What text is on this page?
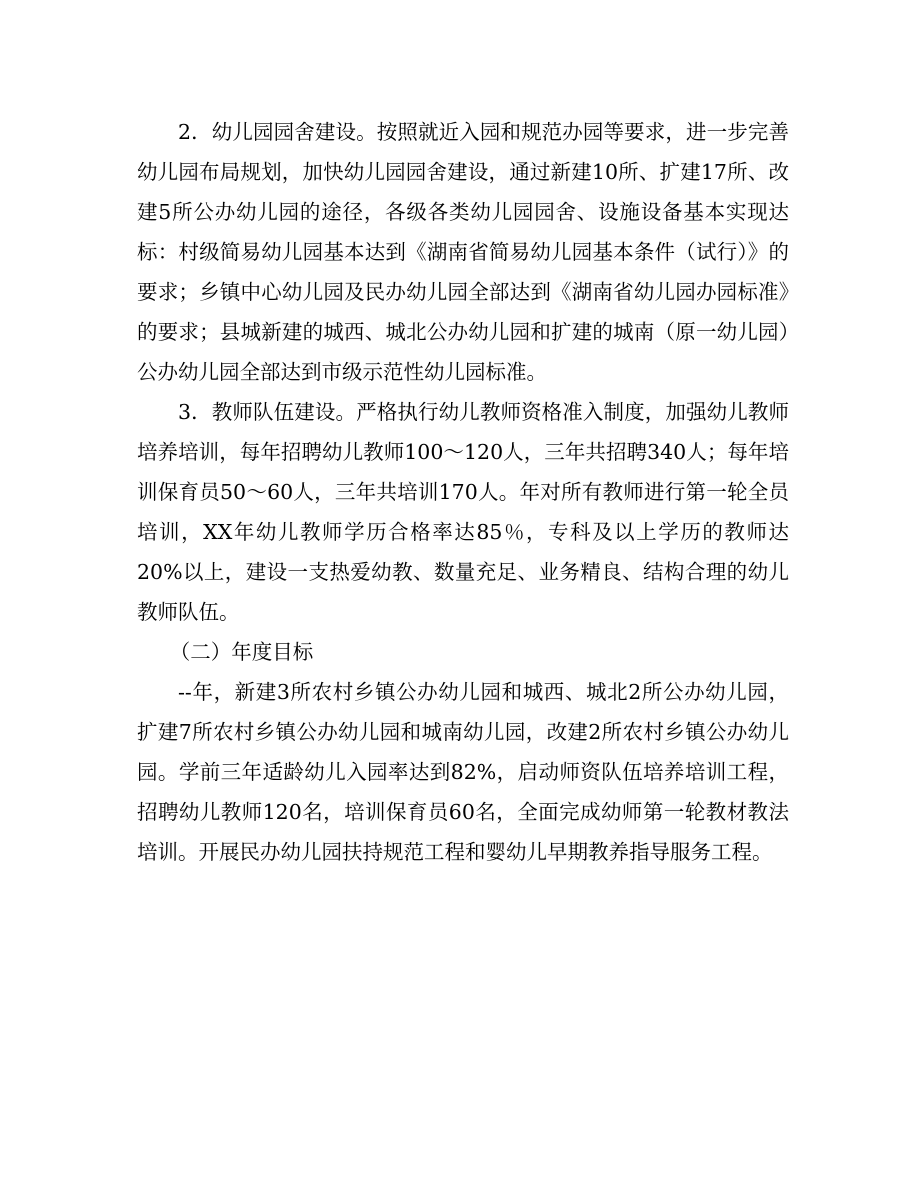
2．幼儿园园舍建设。按照就近入园和规范办园等要求，进一步完善幼儿园布局规划，加快幼儿园园舍建设，通过新建10所、扩建17所、改建5所公办幼儿园的途径，各级各类幼儿园园舍、设施设备基本实现达标：村级简易幼儿园基本达到《湖南省简易幼儿园基本条件（试行）》的要求；乡镇中心幼儿园及民办幼儿园全部达到《湖南省幼儿园办园标准》的要求；县城新建的城西、城北公办幼儿园和扩建的城南（原一幼儿园）公办幼儿园全部达到市级示范性幼儿园标准。

3．教师队伍建设。严格执行幼儿教师资格准入制度，加强幼儿教师培养培训，每年招聘幼儿教师100～120人，三年共招聘340人；每年培训保育员50～60人，三年共培训170人。年对所有教师进行第一轮全员培训，XX年幼儿教师学历合格率达85％，专科及以上学历的教师达20%以上，建设一支热爱幼教、数量充足、业务精良、结构合理的幼儿教师队伍。

（二）年度目标

--年，新建3所农村乡镇公办幼儿园和城西、城北2所公办幼儿园，扩建7所农村乡镇公办幼儿园和城南幼儿园，改建2所农村乡镇公办幼儿园。学前三年适龄幼儿入园率达到82%，启动师资队伍培养培训工程，招聘幼儿教师120名，培训保育员60名，全面完成幼师第一轮教材教法培训。开展民办幼儿园扶持规范工程和婴幼儿早期教养指导服务工程。
